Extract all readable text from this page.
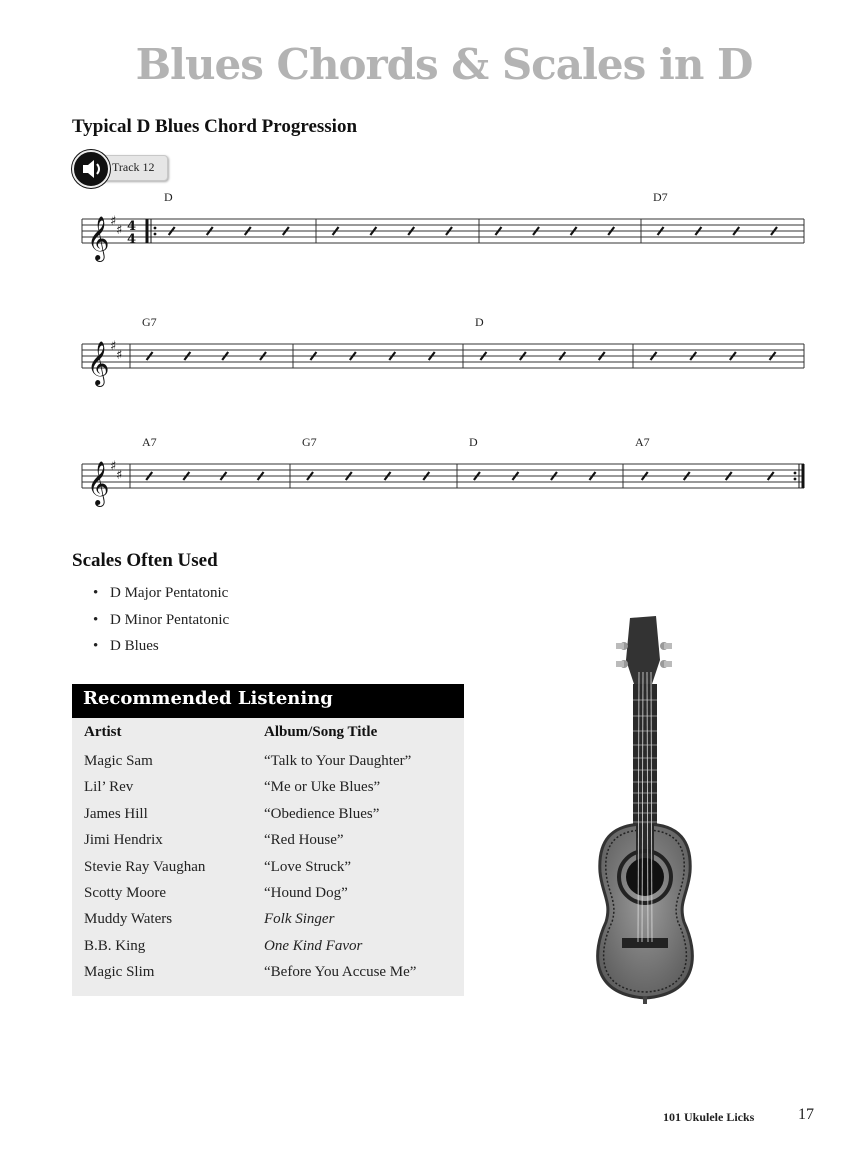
Blues Chords & Scales in D
Typical D Blues Chord Progression
Track 12
𝄞 ♯
♯ 4
4
D	D7
𝄞 ♯
♯
G7	D
𝄞 ♯
♯
A7	G7	D	A7
Scales Often Used
• D Major Pentatonic
• D Minor Pentatonic
• D Blues
Recommended Listening
Artist	Album/Song Title
Magic Sam	“Talk to Your Daughter”
Lil’ Rev	“Me or Uke Blues”
James Hill	“Obedience Blues”
Jimi Hendrix	“Red House”
Stevie Ray Vaughan	“Love Struck”
Scotty Moore	“Hound Dog”
Muddy Waters	Folk Singer
B.B. King	One Kind Favor
Magic Slim	“Before You Accuse Me”
101 Ukulele Licks	17
